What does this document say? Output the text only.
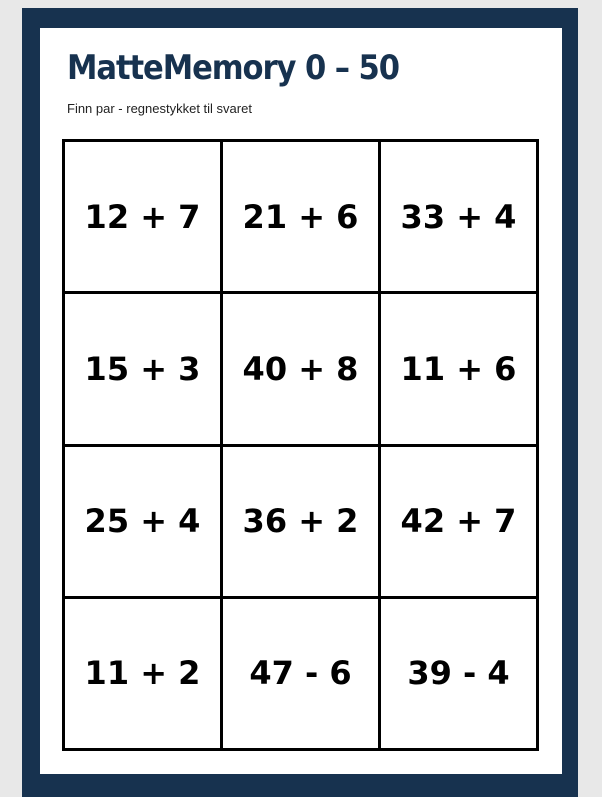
MatteMemory 0 – 50

Finn par - regnestykket til svaret

12 + 7 21 + 6 33 + 4
15 + 3 40 + 8 11 + 6
25 + 4 36 + 2 42 + 7
11 + 2 47 - 6 39 - 4
